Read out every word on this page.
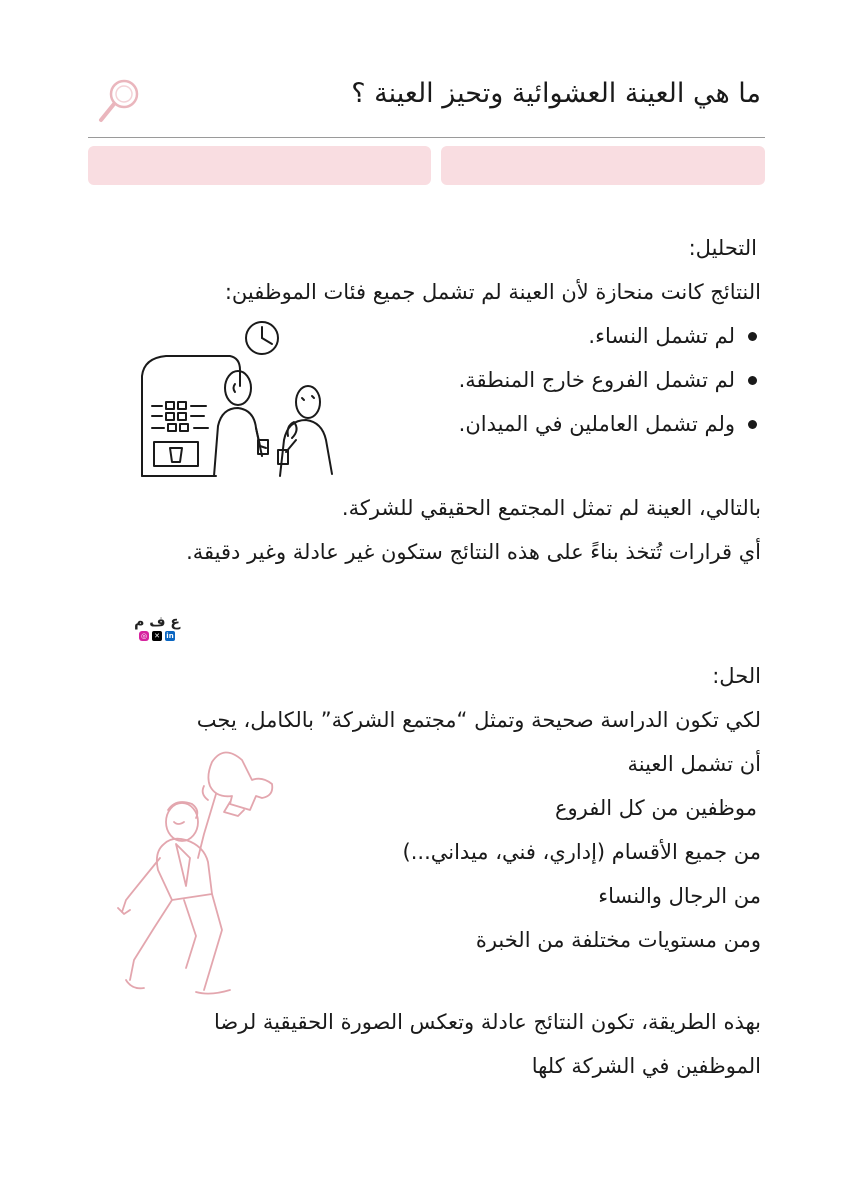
ما هي العينة العشوائية وتحيز العينة ؟
التحليل:
النتائج كانت منحازة لأن العينة لم تشمل جميع فئات الموظفين:
لم تشمل النساء.
لم تشمل الفروع خارج المنطقة.
ولم تشمل العاملين في الميدان.
بالتالي، العينة لم تمثل المجتمع الحقيقي للشركة.
أي قرارات تُتخذ بناءً على هذه النتائج ستكون غير عادلة وغير دقيقة.
ع ف م
◎ ✕ in
الحل:
لكي تكون الدراسة صحيحة وتمثل “مجتمع الشركة” بالكامل، يجب
أن تشمل العينة
موظفين من كل الفروع
من جميع الأقسام (إداري، فني، ميداني...)
من الرجال والنساء
ومن مستويات مختلفة من الخبرة
بهذه الطريقة، تكون النتائج عادلة وتعكس الصورة الحقيقية لرضا
الموظفين في الشركة كلها
